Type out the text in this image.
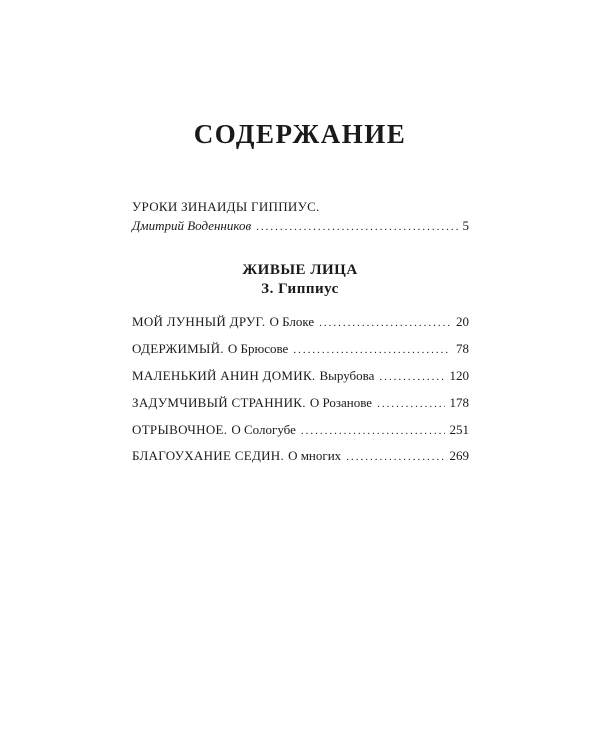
СОДЕРЖАНИЕ
УРОКИ ЗИНАИДЫ ГИППИУС.
Дмитрий Воденников .....	5
ЖИВЫЕ ЛИЦА
З. Гиппиус
МОЙ ЛУННЫЙ ДРУГ. О Блоке .....	20
ОДЕРЖИМЫЙ. О Брюсове .....	78
МАЛЕНЬКИЙ АНИН ДОМИК. Вырубова .....	120
ЗАДУМЧИВЫЙ СТРАННИК. О Розанове .....	178
ОТРЫВОЧНОЕ. О Сологубе .....	251
БЛАГОУХАНИЕ СЕДИН. О многих .....	269
